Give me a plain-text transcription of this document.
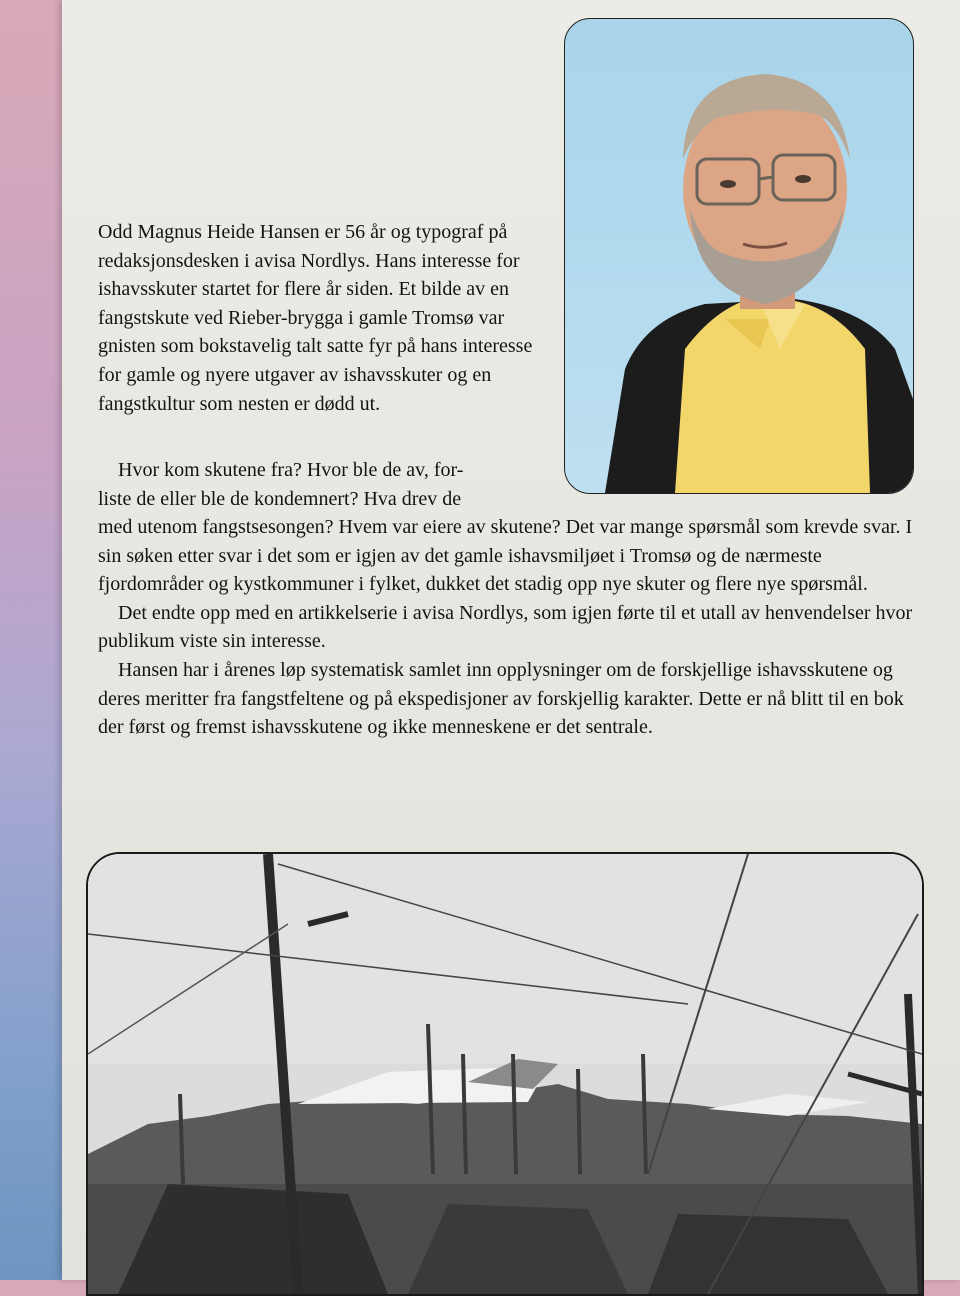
Odd Magnus Heide Hansen er 56 år og typograf på redaksjonsdesken i avisa Nordlys. Hans interesse for ishavsskuter startet for flere år siden. Et bilde av en fangstskute ved Rieber-brygga i gamle Tromsø var gnisten som bokstavelig talt satte fyr på hans interesse for gamle og nyere utgaver av ishavsskuter og en fangstkultur som nesten er dødd ut.

Hvor kom skutene fra? Hvor ble de av, for-

liste de eller ble de kondemnert? Hva drev de

med utenom fangstsesongen? Hvem var eiere av skutene? Det var mange spørsmål som krevde svar. I sin søken etter svar i det som er igjen av det gamle ishavsmiljøet i Tromsø og de nærmeste fjordområder og kystkommuner i fylket, dukket det stadig opp nye skuter og flere nye spørsmål.

Det endte opp med en artikkelserie i avisa Nordlys, som igjen førte til et utall av henvendelser hvor publikum viste sin interesse.

Hansen har i årenes løp systematisk samlet inn opplysninger om de forskjellige ishavsskutene og deres meritter fra fangstfeltene og på ekspedisjoner av forskjellig karakter. Dette er nå blitt til en bok der først og fremst ishavsskutene og ikke menneskene er det sentrale.
